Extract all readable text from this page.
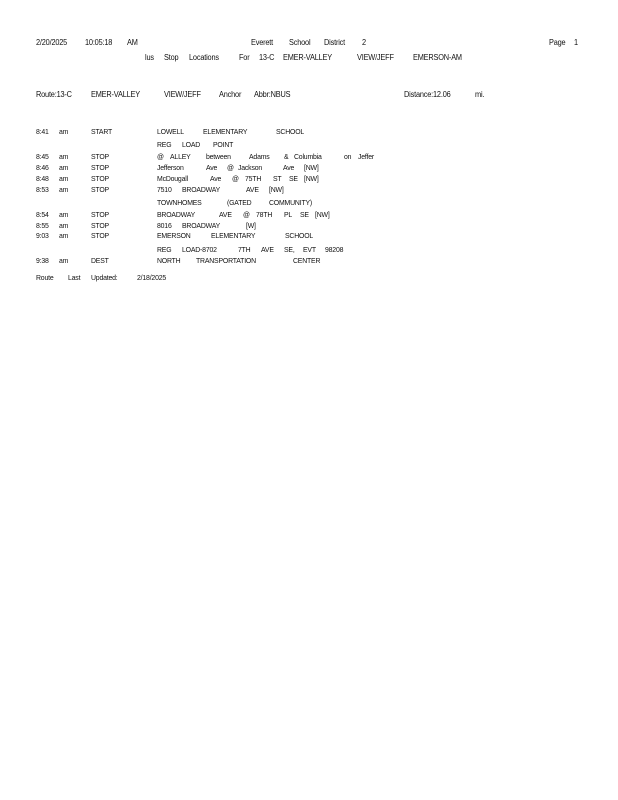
2/20/2025 10:05:18 AM	Everett School District 2	Page 1
lus Stop Locations	For 13-C EMER-VALLEY	VIEW/JEFF EMERSON-AM
Route:13-C EMER-VALLEY	VIEW/JEFF Anchor Abbr:NBUS	Distance:12.06	mi.
8:41 am	START	LOWELL	ELEMENTARY	SCHOOL
REG LOAD POINT
8:45 am	STOP	@ ALLEY between Adams & Columbia	on Jeffer
8:46 am	STOP	Jefferson	Ave @ Jackson	Ave [NW]
8:48 am	STOP	McDougall	Ave @ 75TH ST SE [NW]
8:53 am	STOP	7510 BROADWAY	AVE [NW]
TOWNHOMES	(GATED COMMUNITY)
8:54 am	STOP	BROADWAY	AVE @ 78TH PL SE [NW]
8:55 am	STOP	8016 BROADWAY	[W]
9:03 am	STOP	EMERSON	ELEMENTARY	SCHOOL
REG LOAD-8702	7TH AVE SE, EVT 98208
9:38 am	DEST	NORTH TRANSPORTATION	CENTER
Route Last Updated:	2/18/2025
